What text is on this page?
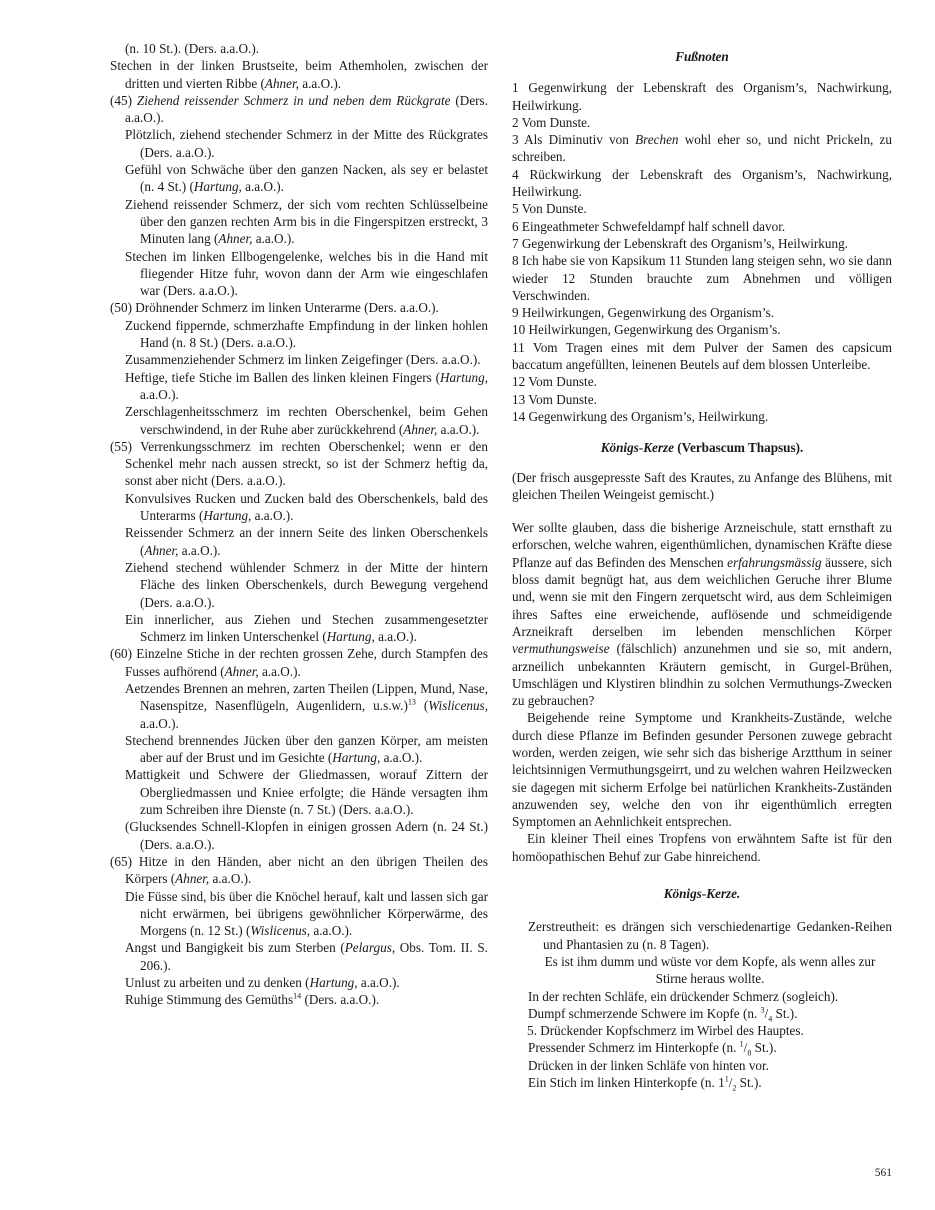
(n. 10 St.). (Ders. a.a.O.).
Stechen in der linken Brustseite, beim Athemholen, zwischen der dritten und vierten Ribbe (Ahner, a.a.O.).
(45) Ziehend reissender Schmerz in und neben dem Rückgrate (Ders. a.a.O.).
Plötzlich, ziehend stechender Schmerz in der Mitte des Rückgrates (Ders. a.a.O.).
Gefühl von Schwäche über den ganzen Nacken, als sey er belastet (n. 4 St.) (Hartung, a.a.O.).
Ziehend reissender Schmerz, der sich vom rechten Schlüsselbeine über den ganzen rechten Arm bis in die Fingerspitzen erstreckt, 3 Minuten lang (Ahner, a.a.O.).
Stechen im linken Ellbogengelenke, welches bis in die Hand mit fliegender Hitze fuhr, wovon dann der Arm wie eingeschlafen war (Ders. a.a.O.).
(50) Dröhnender Schmerz im linken Unterarme (Ders. a.a.O.).
Zuckend fippernde, schmerzhafte Empfindung in der linken hohlen Hand (n. 8 St.) (Ders. a.a.O.).
Zusammenziehender Schmerz im linken Zeigefinger (Ders. a.a.O.).
Heftige, tiefe Stiche im Ballen des linken kleinen Fingers (Hartung, a.a.O.).
Zerschlagenheitsschmerz im rechten Oberschenkel, beim Gehen verschwindend, in der Ruhe aber zurückkehrend (Ahner, a.a.O.).
(55) Verrenkungsschmerz im rechten Oberschenkel; wenn er den Schenkel mehr nach aussen streckt, so ist der Schmerz heftig da, sonst aber nicht (Ders. a.a.O.).
Konvulsives Rucken und Zucken bald des Oberschenkels, bald des Unterarms (Hartung, a.a.O.).
Reissender Schmerz an der innern Seite des linken Oberschenkels (Ahner, a.a.O.).
Ziehend stechend wühlender Schmerz in der Mitte der hintern Fläche des linken Oberschenkels, durch Bewegung vergehend (Ders. a.a.O.).
Ein innerlicher, aus Ziehen und Stechen zusammengesetzter Schmerz im linken Unterschenkel (Hartung, a.a.O.).
(60) Einzelne Stiche in der rechten grossen Zehe, durch Stampfen des Fusses aufhörend (Ahner, a.a.O.).
Aetzendes Brennen an mehren, zarten Theilen (Lippen, Mund, Nase, Nasenspitze, Nasenflügeln, Augenlidern, u.s.w.)$^{13}$ (Wislicenus, a.a.O.).
Stechend brennendes Jücken über den ganzen Körper, am meisten aber auf der Brust und im Gesichte (Hartung, a.a.O.).
Mattigkeit und Schwere der Gliedmassen, worauf Zittern der Obergliedmassen und Kniee erfolgte; die Hände versagten ihm zum Schreiben ihre Dienste (n. 7 St.) (Ders. a.a.O.).
(Glucksendes Schnell-Klopfen in einigen grossen Adern (n. 24 St.) (Ders. a.a.O.).
(65) Hitze in den Händen, aber nicht an den übrigen Theilen des Körpers (Ahner, a.a.O.).
Die Füsse sind, bis über die Knöchel herauf, kalt und lassen sich gar nicht erwärmen, bei übrigens gewöhnlicher Körperwärme, des Morgens (n. 12 St.) (Wislicenus, a.a.O.).
Angst und Bangigkeit bis zum Sterben (Pelargus, Obs. Tom. II. S. 206.).
Unlust zu arbeiten und zu denken (Hartung, a.a.O.).
Ruhige Stimmung des Gemüths$^{14}$ (Ders. a.a.O.).
Fußnoten
1 Gegenwirkung der Lebenskraft des Organism’s, Nachwirkung, Heilwirkung.
2 Vom Dunste.
3 Als Diminutiv von Brechen wohl eher so, und nicht Prickeln, zu schreiben.
4 Rückwirkung der Lebenskraft des Organism’s, Nachwirkung, Heilwirkung.
5 Von Dunste.
6 Eingeathmeter Schwefeldampf half schnell davor.
7 Gegenwirkung der Lebenskraft des Organism’s, Heilwirkung.
8 Ich habe sie von Kapsikum 11 Stunden lang steigen sehn, wo sie dann wieder 12 Stunden brauchte zum Abnehmen und völligen Verschwinden.
9 Heilwirkungen, Gegenwirkung des Organism’s.
10 Heilwirkungen, Gegenwirkung des Organism’s.
11 Vom Tragen eines mit dem Pulver der Samen des capsicum baccatum angefüllten, leinenen Beutels auf dem blossen Unterleibe.
12 Vom Dunste.
13 Vom Dunste.
14 Gegenwirkung des Organism’s, Heilwirkung.
Königs-Kerze (Verbascum Thapsus).
(Der frisch ausgepresste Saft des Krautes, zu Anfange des Blühens, mit gleichen Theilen Weingeist gemischt.)
Wer sollte glauben, dass die bisherige Arzneischule, statt ernsthaft zu erforschen, welche wahren, eigenthümlichen, dynamischen Kräfte diese Pflanze auf das Befinden des Menschen erfahrungsmässig äussere, sich bloss damit begnügt hat, aus dem weichlichen Geruche ihrer Blume und, wenn sie mit den Fingern zerquetscht wird, aus dem Schleimigen ihres Saftes eine erweichende, auflösende und schmeidigende Arzneikraft derselben im lebenden menschlichen Körper vermuthungsweise (fälschlich) anzunehmen und sie so, mit andern, arzneilich unbekannten Kräutern gemischt, in Gurgel-Brühen, Umschlägen und Klystiren blindhin zu solchen Vermuthungs-Zwecken zu gebrauchen?
Beigehende reine Symptome und Krankheits-Zustände, welche durch diese Pflanze im Befinden gesunder Personen zuwege gebracht worden, werden zeigen, wie sehr sich das bisherige Arztthum in seiner leichtsinnigen Vermuthungsgeirrt, und zu welchen wahren Heilzwecken sie dagegen mit sicherm Erfolge bei natürlichen Krankheits-Zuständen anzuwenden sey, welche den von ihr eigenthümlich erregten Symptomen an Aehnlichkeit entsprechen.
Ein kleiner Theil eines Tropfens von erwähntem Safte ist für den homöopathischen Behuf zur Gabe hinreichend.
Königs-Kerze.
Zerstreutheit: es drängen sich verschiedenartige Gedanken-Reihen und Phantasien zu (n. 8 Tagen).
Es ist ihm dumm und wüste vor dem Kopfe, als wenn alles zur Stirne heraus wollte.
In der rechten Schläfe, ein drückender Schmerz (sogleich).
Dumpf schmerzende Schwere im Kopfe (n. $^3/_4$ St.).
5. Drückender Kopfschmerz im Wirbel des Hauptes.
Pressender Schmerz im Hinterkopfe (n. $^1/_8$ St.).
Drücken in der linken Schläfe von hinten vor.
Ein Stich im linken Hinterkopfe (n. $1^1/_2$ St.).
561
